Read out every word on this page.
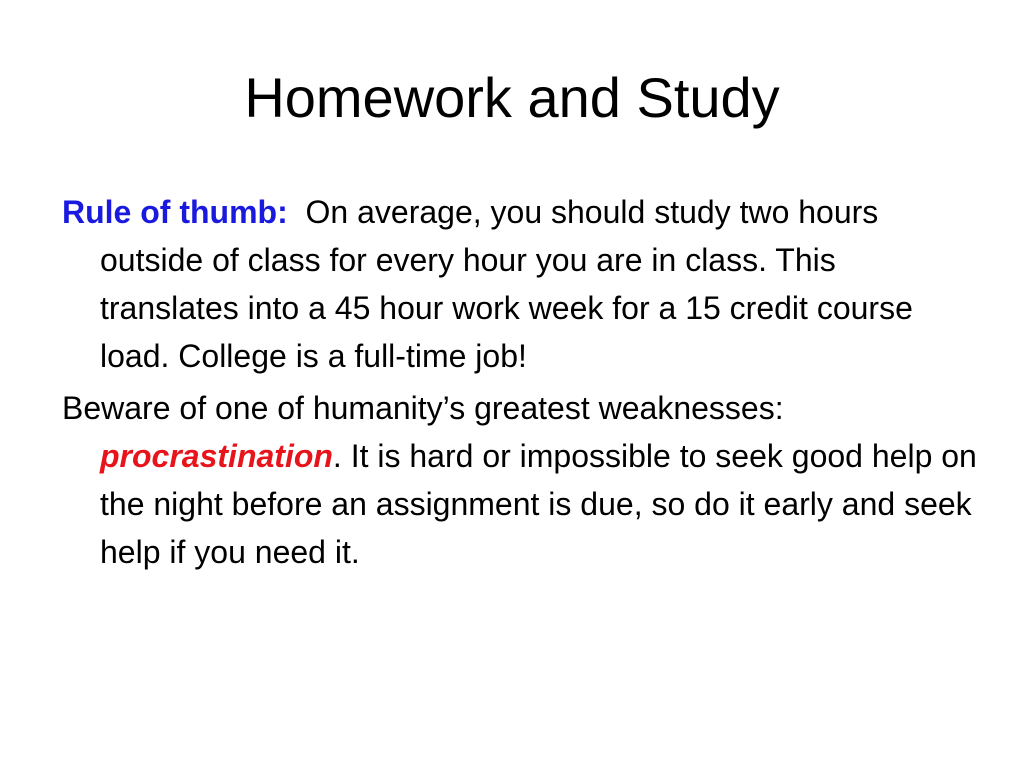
Homework and Study
Rule of thumb: On average, you should study two hours outside of class for every hour you are in class. This translates into a 45 hour work week for a 15 credit course load. College is a full-time job!
Beware of one of humanity’s greatest weaknesses: procrastination. It is hard or impossible to seek good help on the night before an assignment is due, so do it early and seek help if you need it.
